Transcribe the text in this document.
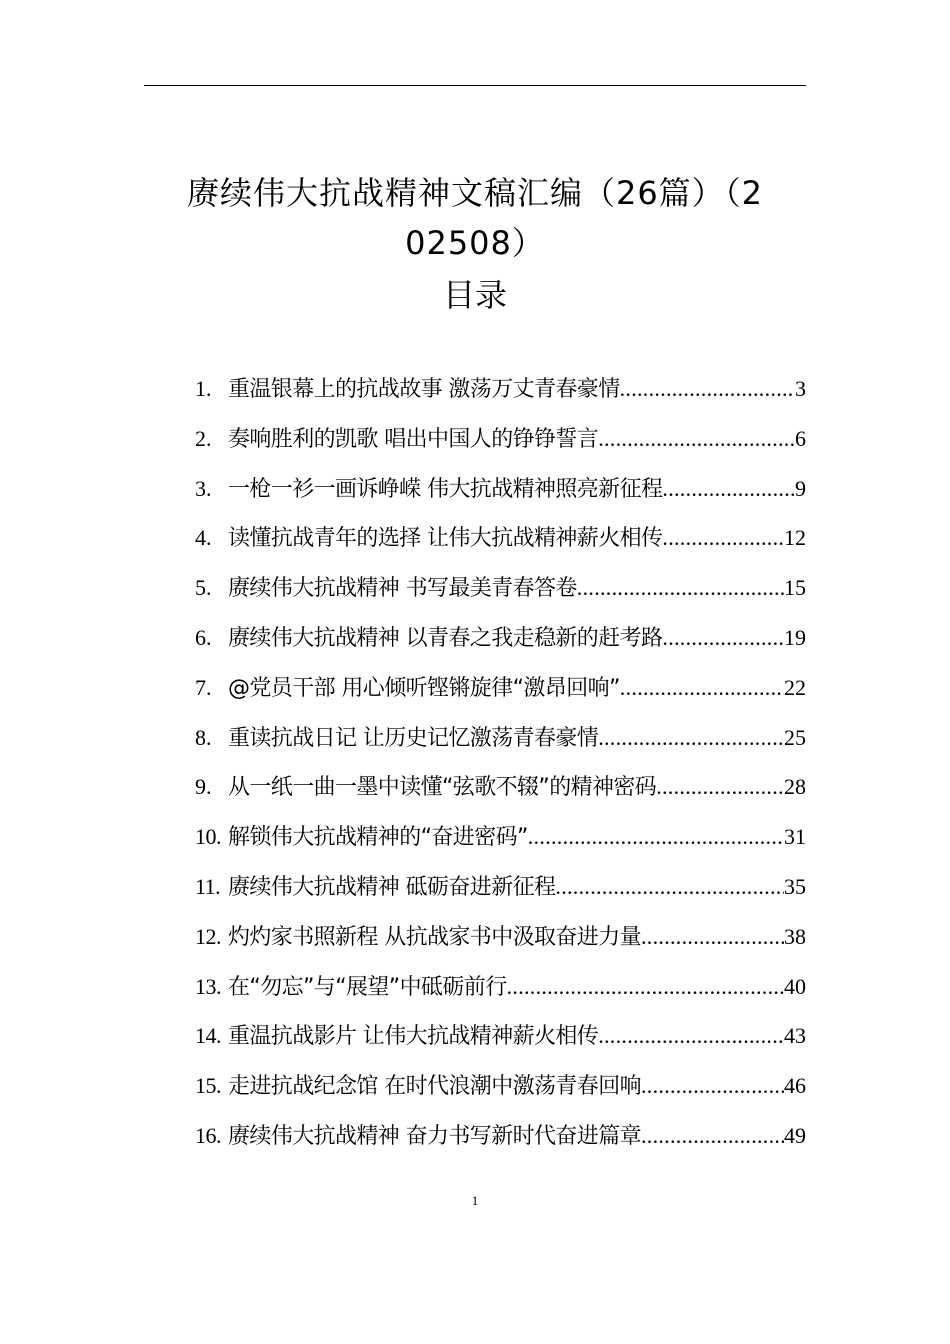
赓续伟大抗战精神文稿汇编（26篇）（2
02508）
目录
1. 重温银幕上的抗战故事 激荡万丈青春豪情 .....	3
2. 奏响胜利的凯歌 唱出中国人的铮铮誓言 .....	6
3. 一枪一衫一画诉峥嵘 伟大抗战精神照亮新征程 .....	9
4. 读懂抗战青年的选择 让伟大抗战精神薪火相传 .....	12
5. 赓续伟大抗战精神 书写最美青春答卷 .....	15
6. 赓续伟大抗战精神 以青春之我走稳新的赶考路 .....	19
7. @党员干部 用心倾听铿锵旋律“激昂回响” .....	22
8. 重读抗战日记 让历史记忆激荡青春豪情 .....	25
9. 从一纸一曲一墨中读懂“弦歌不辍”的精神密码 .....	28
10. 解锁伟大抗战精神的“奋进密码” .....	31
11. 赓续伟大抗战精神 砥砺奋进新征程 .....	35
12. 灼灼家书照新程 从抗战家书中汲取奋进力量 .....	38
13. 在“勿忘”与“展望”中砥砺前行 .....	40
14. 重温抗战影片 让伟大抗战精神薪火相传 .....	43
15. 走进抗战纪念馆 在时代浪潮中激荡青春回响 .....	46
16. 赓续伟大抗战精神 奋力书写新时代奋进篇章 .....	49
1
